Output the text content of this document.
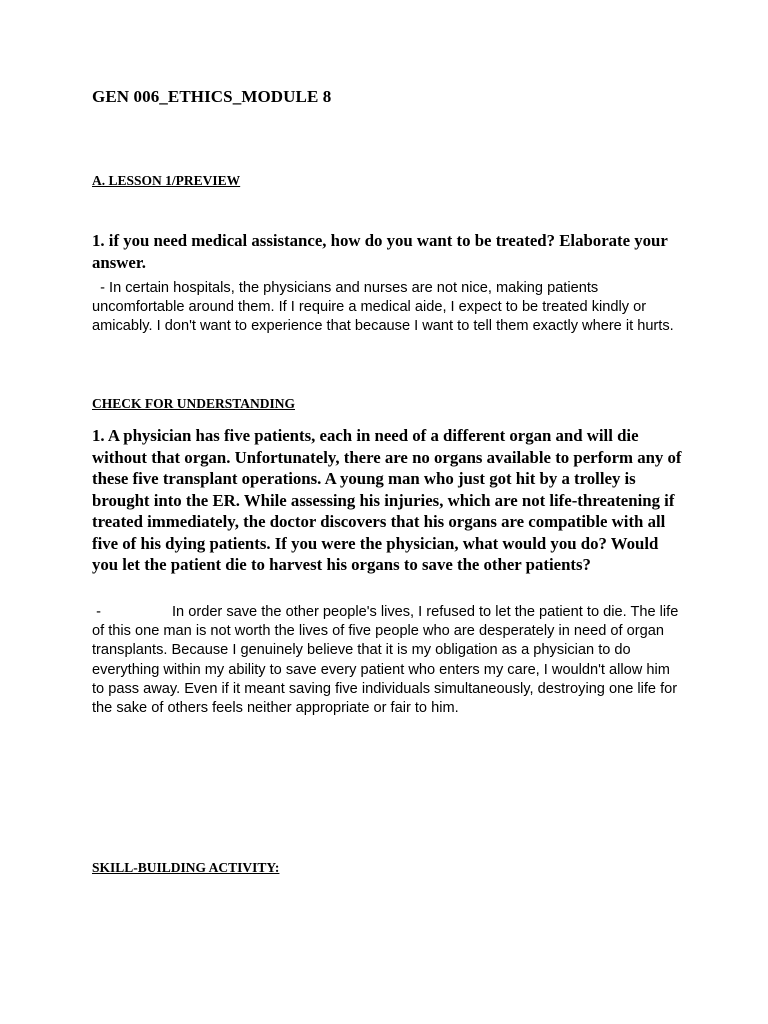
GEN 006_ETHICS_MODULE 8
A. LESSON 1/PREVIEW
1. if you need medical assistance, how do you want to be treated? Elaborate your answer.
- In certain hospitals, the physicians and nurses are not nice, making patients uncomfortable around them. If I require a medical aide, I expect to be treated kindly or amicably. I don't want to experience that because I want to tell them exactly where it hurts.
CHECK FOR UNDERSTANDING
1. A physician has five patients, each in need of a different organ and will die without that organ. Unfortunately, there are no organs available to perform any of these five transplant operations. A young man who just got hit by a trolley is brought into the ER. While assessing his injuries, which are not life-threatening if treated immediately, the doctor discovers that his organs are compatible with all five of his dying patients. If you were the physician, what would you do? Would you let the patient die to harvest his organs to save the other patients?
-	In order save the other people's lives, I refused to let the patient to die. The life of this one man is not worth the lives of five people who are desperately in need of organ transplants. Because I genuinely believe that it is my obligation as a physician to do everything within my ability to save every patient who enters my care, I wouldn't allow him to pass away. Even if it meant saving five individuals simultaneously, destroying one life for the sake of others feels neither appropriate or fair to him.
SKILL-BUILDING ACTIVITY:
